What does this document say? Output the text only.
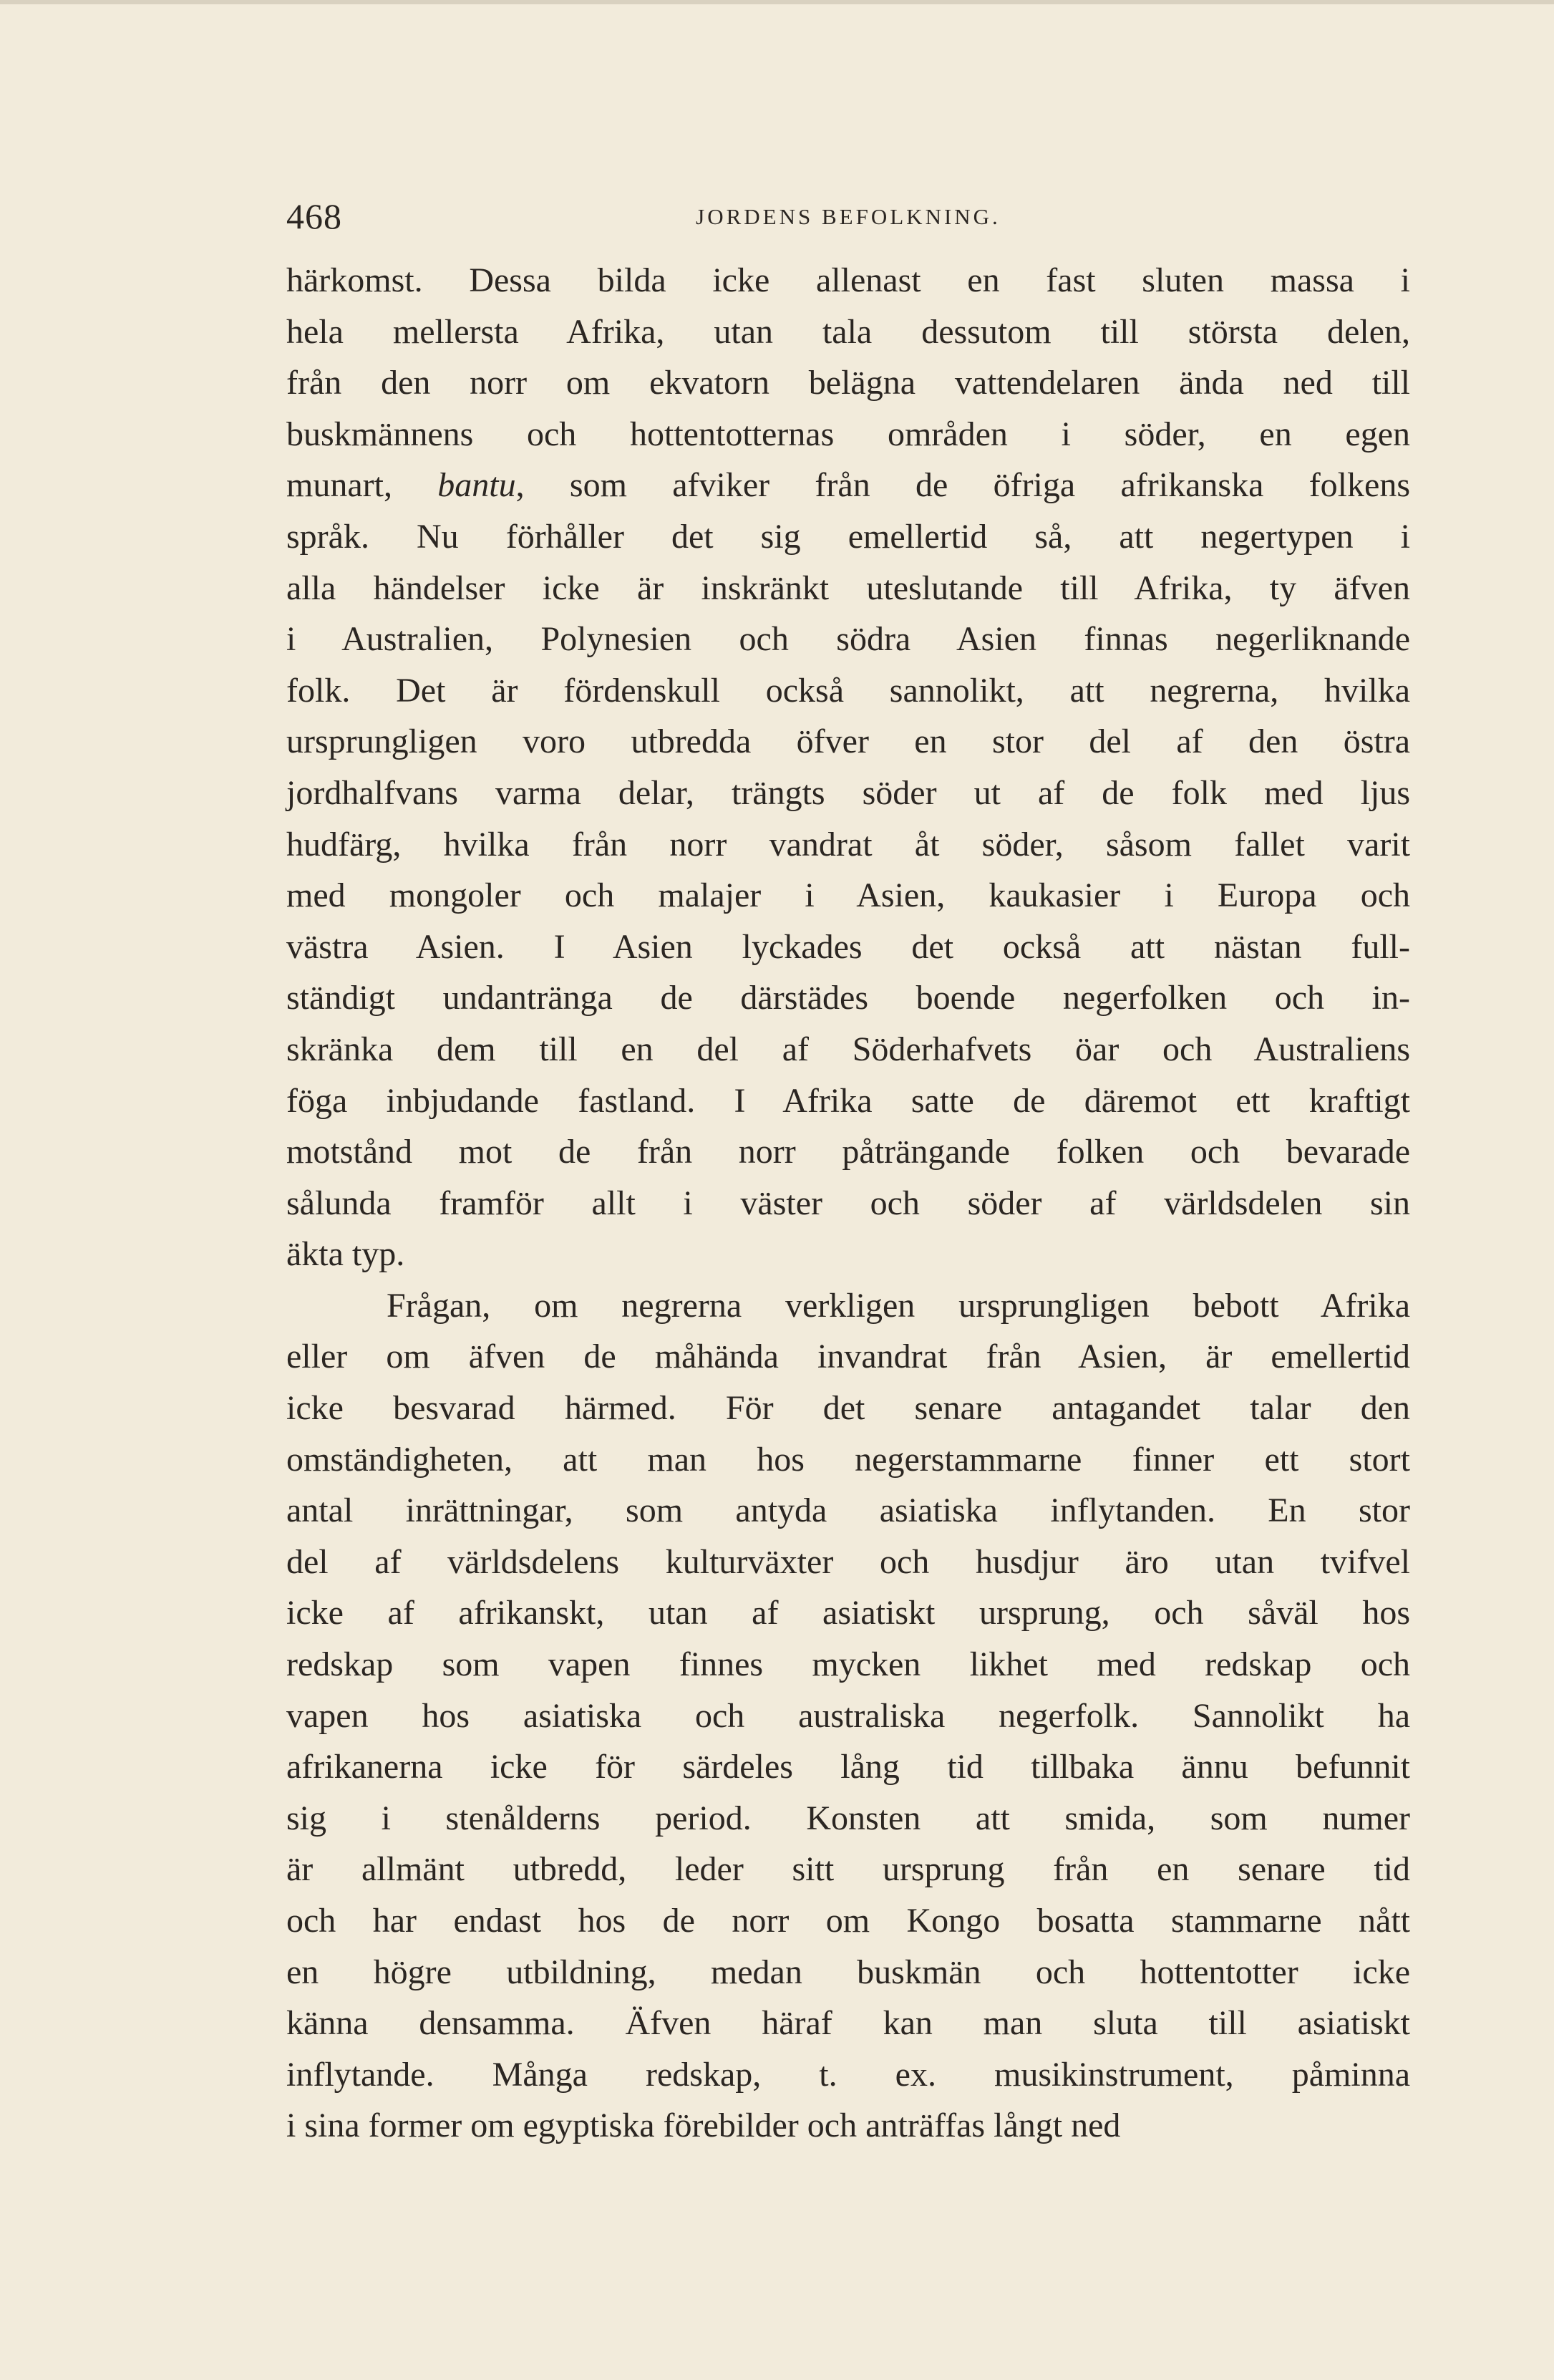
468	JORDENS BEFOLKNING.
härkomst. Dessa bilda icke allenast en fast sluten massa i
hela mellersta Afrika, utan tala dessutom till största delen,
från den norr om ekvatorn belägna vattendelaren ända ned till
buskmännens och hottentotternas områden i söder, en egen
munart, bantu, som afviker från de öfriga afrikanska folkens
språk. Nu förhåller det sig emellertid så, att negertypen i
alla händelser icke är inskränkt uteslutande till Afrika, ty äfven
i Australien, Polynesien och södra Asien finnas negerliknande
folk. Det är fördenskull också sannolikt, att negrerna, hvilka
ursprungligen voro utbredda öfver en stor del af den östra
jordhalfvans varma delar, trängts söder ut af de folk med ljus
hudfärg, hvilka från norr vandrat åt söder, såsom fallet varit
med mongoler och malajer i Asien, kaukasier i Europa och
västra Asien. I Asien lyckades det också att nästan full-
ständigt undantränga de därstädes boende negerfolken och in-
skränka dem till en del af Söderhafvets öar och Australiens
föga inbjudande fastland. I Afrika satte de däremot ett kraftigt
motstånd mot de från norr påträngande folken och bevarade
sålunda framför allt i väster och söder af världsdelen sin
äkta typ.
Frågan, om negrerna verkligen ursprungligen bebott Afrika
eller om äfven de måhända invandrat från Asien, är emellertid
icke besvarad härmed. För det senare antagandet talar den
omständigheten, att man hos negerstammarne finner ett stort
antal inrättningar, som antyda asiatiska inflytanden. En stor
del af världsdelens kulturväxter och husdjur äro utan tvifvel
icke af afrikanskt, utan af asiatiskt ursprung, och såväl hos
redskap som vapen finnes mycken likhet med redskap och
vapen hos asiatiska och australiska negerfolk. Sannolikt ha
afrikanerna icke för särdeles lång tid tillbaka ännu befunnit
sig i stenålderns period. Konsten att smida, som numer
är allmänt utbredd, leder sitt ursprung från en senare tid
och har endast hos de norr om Kongo bosatta stammarne nått
en högre utbildning, medan buskmän och hottentotter icke
känna densamma. Äfven häraf kan man sluta till asiatiskt
inflytande. Många redskap, t. ex. musikinstrument, påminna
i sina former om egyptiska förebilder och anträffas långt ned
